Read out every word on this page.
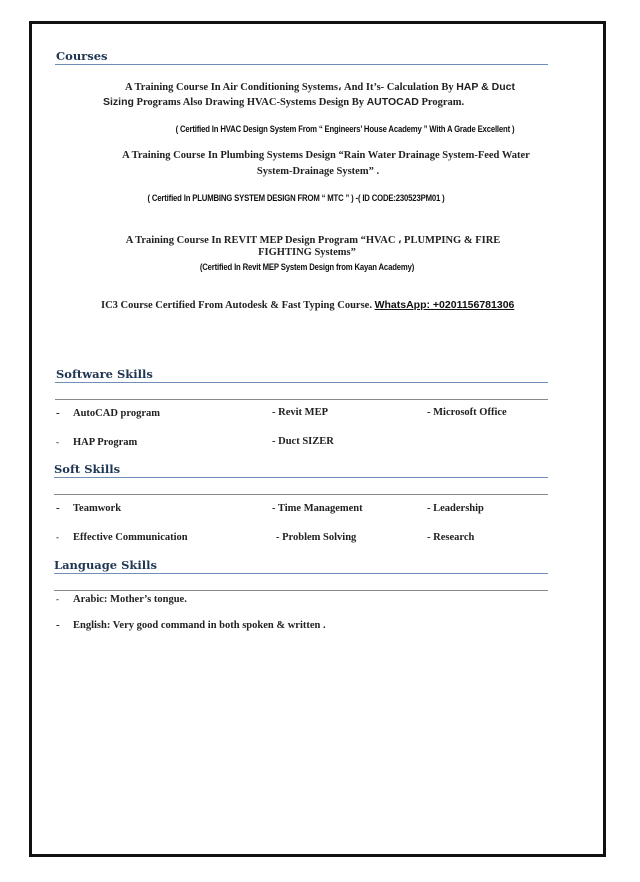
Courses
A Training Course In Air Conditioning Systems، And It’s- Calculation By HAP & Duct
Sizing Programs Also Drawing HVAC-Systems Design By AUTOCAD Program.
( Certified In HVAC Design System From “ Engineers’ House Academy ” With A Grade Excellent )
A Training Course In Plumbing Systems Design “Rain Water Drainage System-Feed Water
System-Drainage System” .
( Certified In PLUMBING SYSTEM DESIGN FROM “ MTC ” ) -( ID CODE:230523PM01 )
A Training Course In REVIT MEP Design Program “HVAC ، PLUMPING & FIRE
FIGHTING Systems”
(Certified In Revit MEP System Design from Kayan Academy)
IC3 Course Certified From Autodesk & Fast Typing Course. WhatsApp: +0201156781306
Software Skills
- AutoCAD program	- Revit MEP	- Microsoft Office
- HAP Program	- Duct SIZER
Soft Skills
- Teamwork	- Time Management	- Leadership
- Effective Communication	- Problem Solving	- Research
Language Skills
- Arabic: Mother’s tongue.
- English: Very good command in both spoken & written .
